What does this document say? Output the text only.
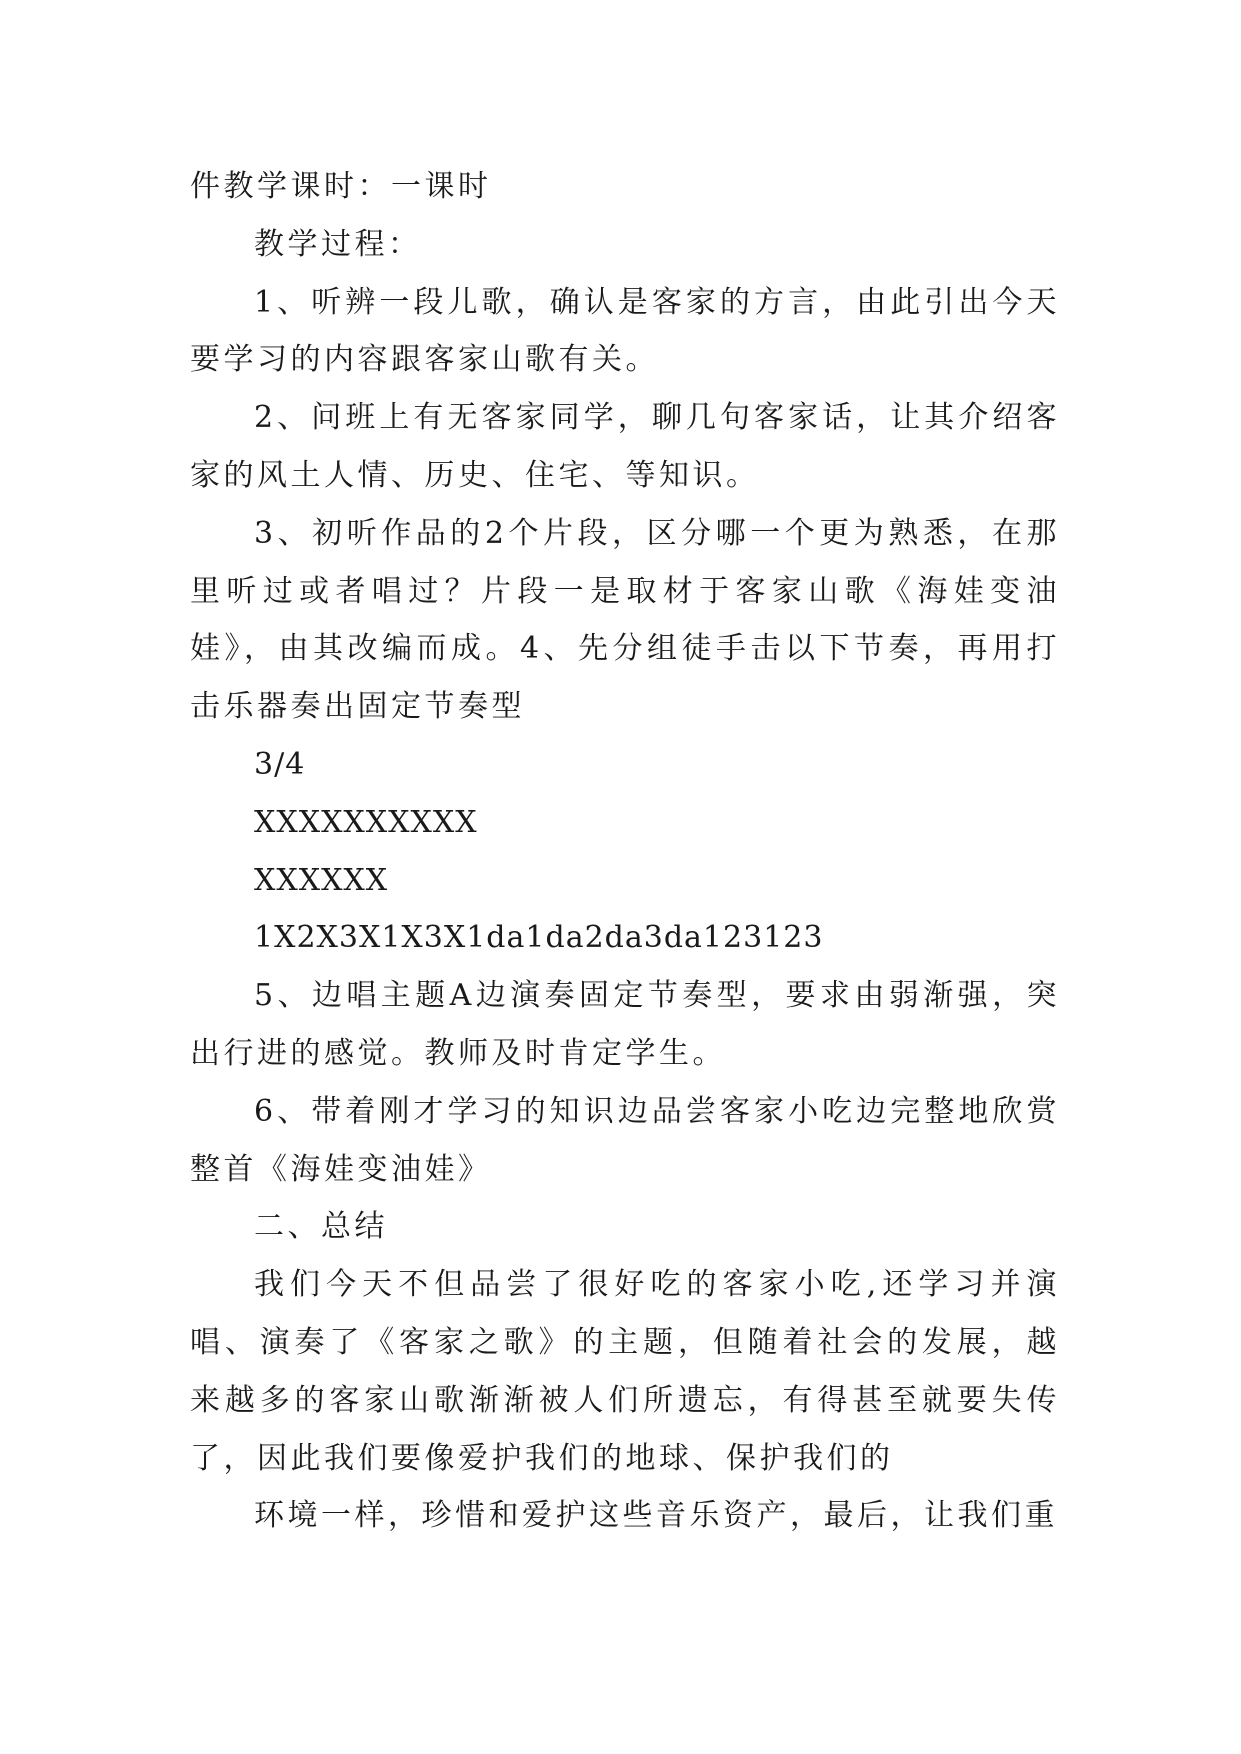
件教学课时：一课时

教学过程：

1、听辨一段儿歌，确认是客家的方言，由此引出今天要学习的内容跟客家山歌有关。

2、问班上有无客家同学，聊几句客家话，让其介绍客家的风土人情、历史、住宅、等知识。

3、初听作品的2个片段，区分哪一个更为熟悉，在那里听过或者唱过？片段一是取材于客家山歌《海娃变油娃》，由其改编而成。4、先分组徒手击以下节奏，再用打击乐器奏出固定节奏型

3/4

XXXXXXXXXX

XXXXXX

1X2X3X1X3X1da1da2da3da123123

5、边唱主题A边演奏固定节奏型，要求由弱渐强，突出行进的感觉。教师及时肯定学生。

6、带着刚才学习的知识边品尝客家小吃边完整地欣赏整首《海娃变油娃》

二、总结

我们今天不但品尝了很好吃的客家小吃,还学习并演唱、演奏了《客家之歌》的主题，但随着社会的发展，越来越多的客家山歌渐渐被人们所遗忘，有得甚至就要失传了，因此我们要像爱护我们的地球、保护我们的

环境一样，珍惜和爱护这些音乐资产，最后，让我们重
